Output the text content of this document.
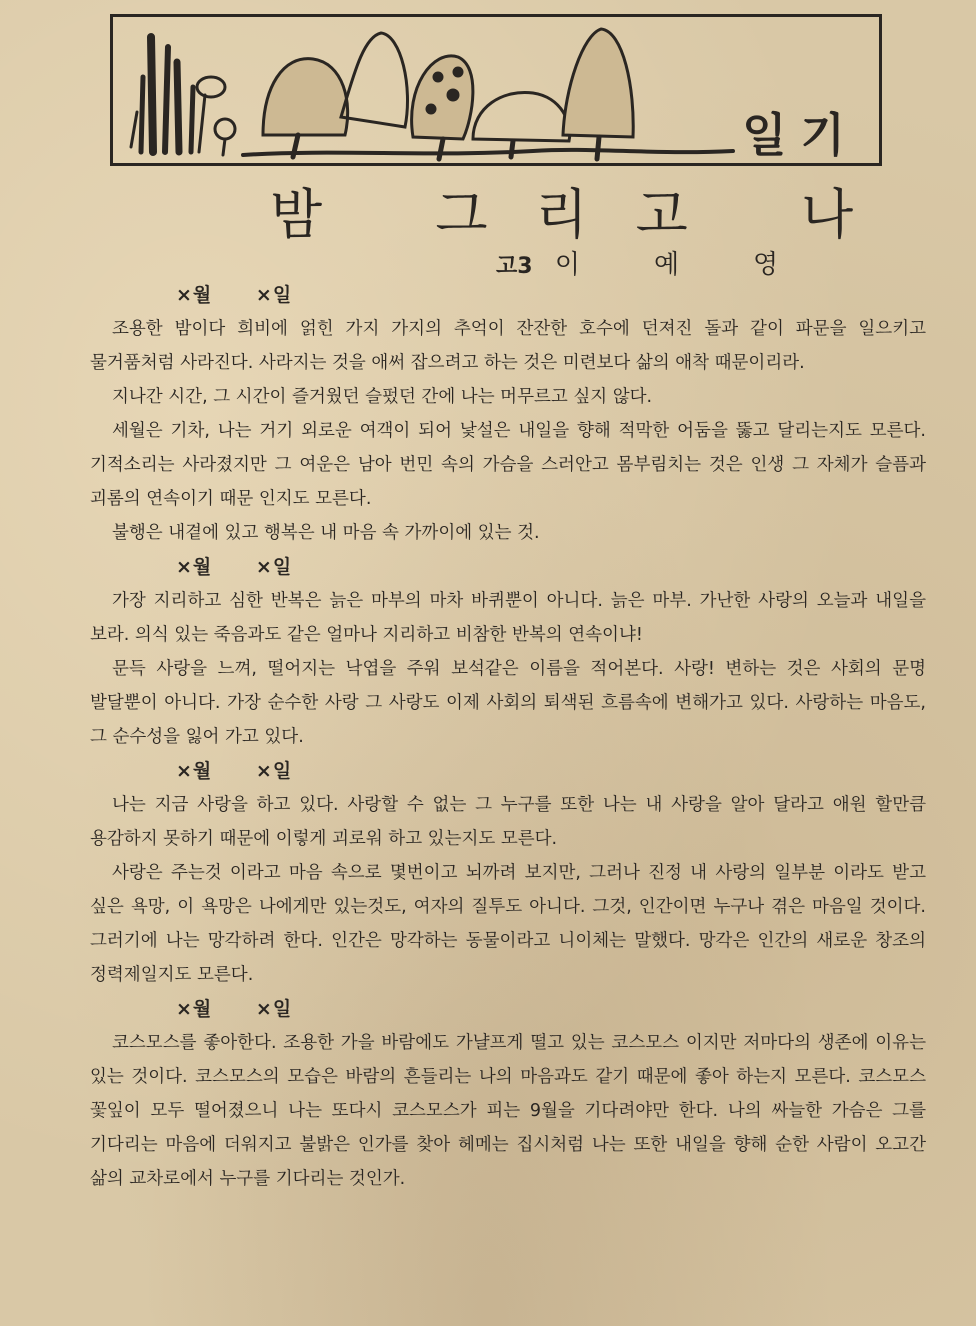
일기
밤 그리고 나
고3 이예영
×월 ×일

조용한 밤이다 희비에 얽힌 가지 가지의 추억이 잔잔한 호수에 던져진 돌과 같이 파문을 일으키고 물거품처럼 사라진다. 사라지는 것을 애써 잡으려고 하는 것은 미련보다 삶의 애착 때문이리라.

지나간 시간, 그 시간이 즐거웠던 슬펐던 간에 나는 머무르고 싶지 않다.

세월은 기차, 나는 거기 외로운 여객이 되어 낯설은 내일을 향해 적막한 어둠을 뚫고 달리는지도 모른다. 기적소리는 사라졌지만 그 여운은 남아 번민 속의 가슴을 스러안고 몸부림치는 것은 인생 그 자체가 슬픔과 괴롬의 연속이기 때문 인지도 모른다.

불행은 내곁에 있고 행복은 내 마음 속 가까이에 있는 것.

×월 ×일

가장 지리하고 심한 반복은 늙은 마부의 마차 바퀴뿐이 아니다. 늙은 마부. 가난한 사랑의 오늘과 내일을 보라. 의식 있는 죽음과도 같은 얼마나 지리하고 비참한 반복의 연속이냐!

문득 사랑을 느껴, 떨어지는 낙엽을 주워 보석같은 이름을 적어본다. 사랑! 변하는 것은 사회의 문명 발달뿐이 아니다. 가장 순수한 사랑 그 사랑도 이제 사회의 퇴색된 흐름속에 변해가고 있다. 사랑하는 마음도, 그 순수성을 잃어 가고 있다.

×월 ×일

나는 지금 사랑을 하고 있다. 사랑할 수 없는 그 누구를 또한 나는 내 사랑을 알아 달라고 애원 할만큼 용감하지 못하기 때문에 이렇게 괴로워 하고 있는지도 모른다.

사랑은 주는것 이라고 마음 속으로 몇번이고 뇌까려 보지만, 그러나 진정 내 사랑의 일부분 이라도 받고 싶은 욕망, 이 욕망은 나에게만 있는것도, 여자의 질투도 아니다. 그것, 인간이면 누구나 겪은 마음일 것이다. 그러기에 나는 망각하려 한다. 인간은 망각하는 동물이라고 니이체는 말했다. 망각은 인간의 새로운 창조의 정력제일지도 모른다.

×월 ×일

코스모스를 좋아한다. 조용한 가을 바람에도 가냘프게 떨고 있는 코스모스 이지만 저마다의 생존에 이유는 있는 것이다. 코스모스의 모습은 바람의 흔들리는 나의 마음과도 같기 때문에 좋아 하는지 모른다. 코스모스 꽃잎이 모두 떨어졌으니 나는 또다시 코스모스가 피는 9월을 기다려야만 한다. 나의 싸늘한 가슴은 그를 기다리는 마음에 더워지고 불밝은 인가를 찾아 헤메는 집시처럼 나는 또한 내일을 향해 순한 사람이 오고간 삶의 교차로에서 누구를 기다리는 것인가.
